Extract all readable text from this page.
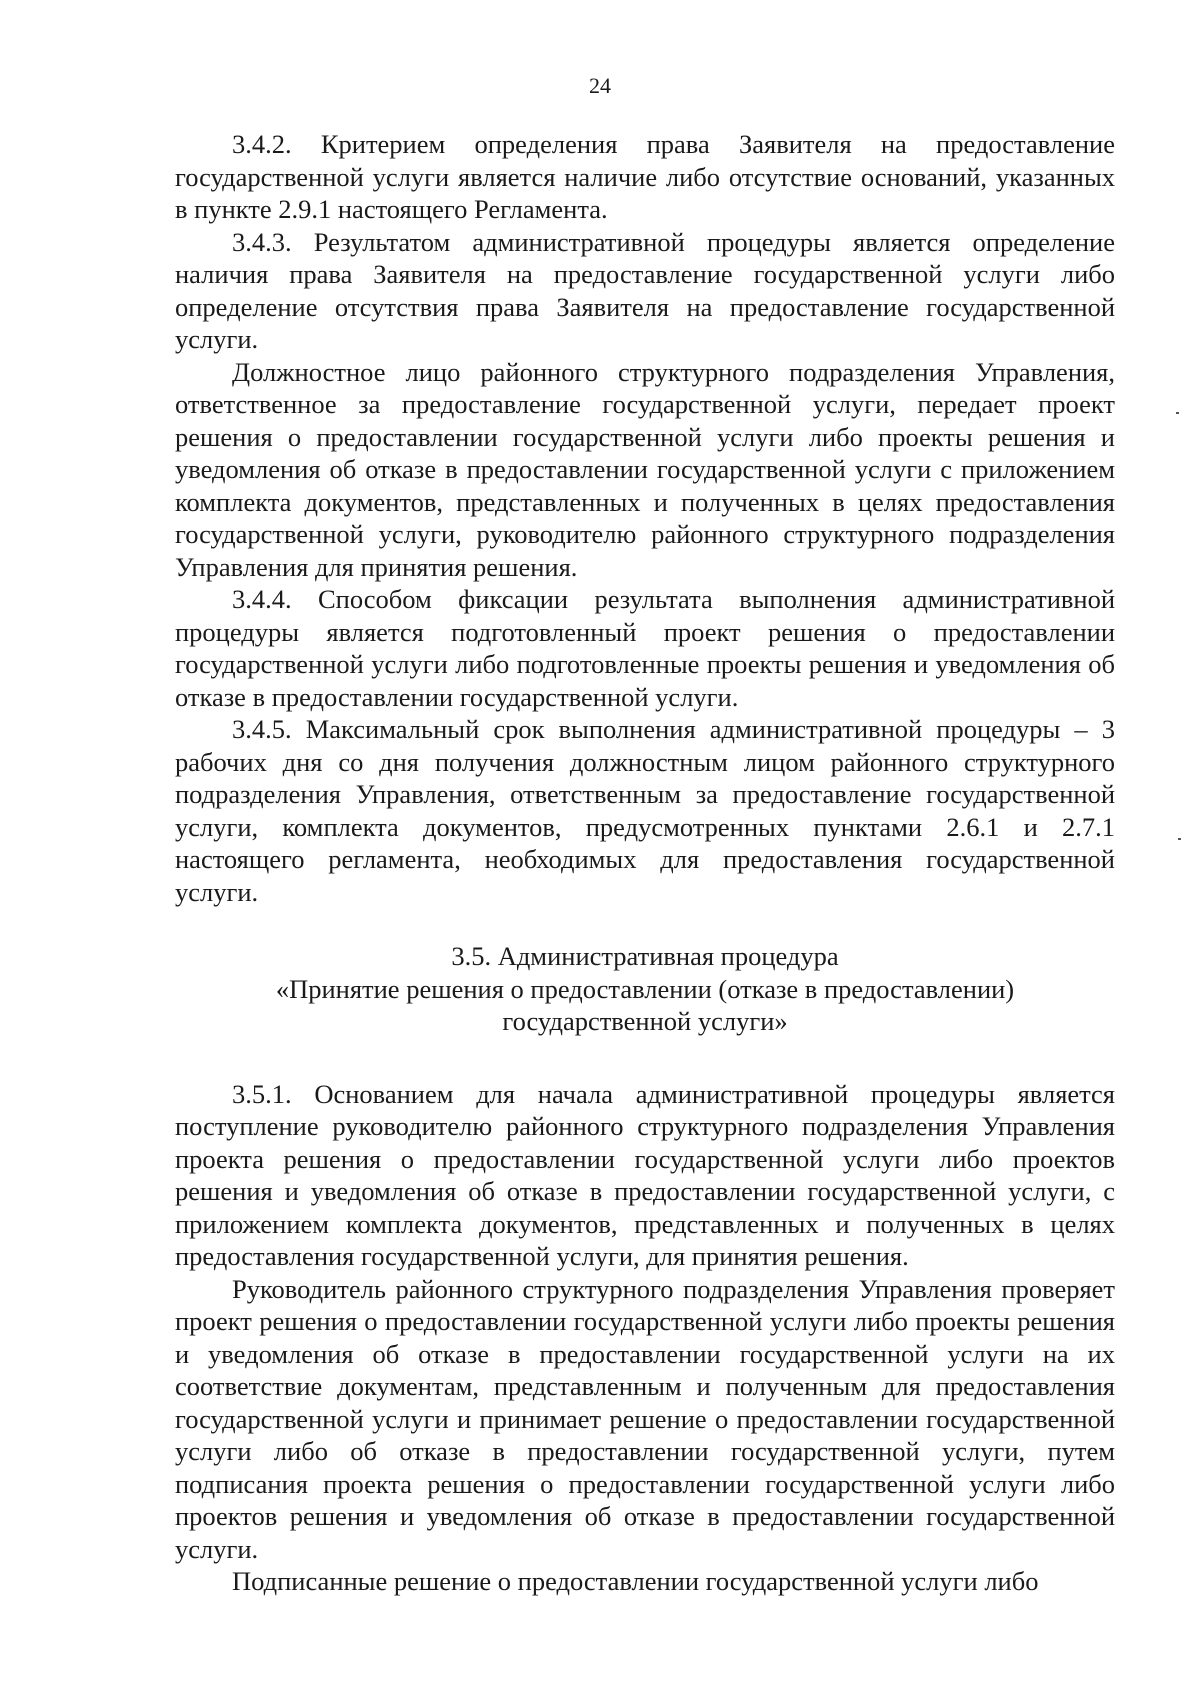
24

3.4.2. Критерием определения права Заявителя на предоставление государственной услуги является наличие либо отсутствие оснований, указанных в пункте 2.9.1 настоящего Регламента.

3.4.3. Результатом административной процедуры является определение наличия права Заявителя на предоставление государственной услуги либо определение отсутствия права Заявителя на предоставление государственной услуги.

Должностное лицо районного структурного подразделения Управления, ответственное за предоставление государственной услуги, передает проект решения о предоставлении государственной услуги либо проекты решения и уведомления об отказе в предоставлении государственной услуги с приложением комплекта документов, представленных и полученных в целях предоставления государственной услуги, руководителю районного структурного подразделения Управления для принятия решения.

3.4.4. Способом фиксации результата выполнения административной процедуры является подготовленный проект решения о предоставлении государственной услуги либо подготовленные проекты решения и уведомления об отказе в предоставлении государственной услуги.

3.4.5. Максимальный срок выполнения административной процедуры – 3 рабочих дня со дня получения должностным лицом районного структурного подразделения Управления, ответственным за предоставление государственной услуги, комплекта документов, предусмотренных пунктами 2.6.1 и 2.7.1 настоящего регламента, необходимых для предоставления государственной услуги.

3.5. Административная процедура
«Принятие решения о предоставлении (отказе в предоставлении)
государственной услуги»

3.5.1. Основанием для начала административной процедуры является поступление руководителю районного структурного подразделения Управления проекта решения о предоставлении государственной услуги либо проектов решения и уведомления об отказе в предоставлении государственной услуги, с приложением комплекта документов, представленных и полученных в целях предоставления государственной услуги, для принятия решения.

Руководитель районного структурного подразделения Управления проверяет проект решения о предоставлении государственной услуги либо проекты решения и уведомления об отказе в предоставлении государственной услуги на их соответствие документам, представленным и полученным для предоставления государственной услуги и принимает решение о предоставлении государственной услуги либо об отказе в предоставлении государственной услуги, путем подписания проекта решения о предоставлении государственной услуги либо проектов решения и уведомления об отказе в предоставлении государственной услуги.

Подписанные решение о предоставлении государственной услуги либо
